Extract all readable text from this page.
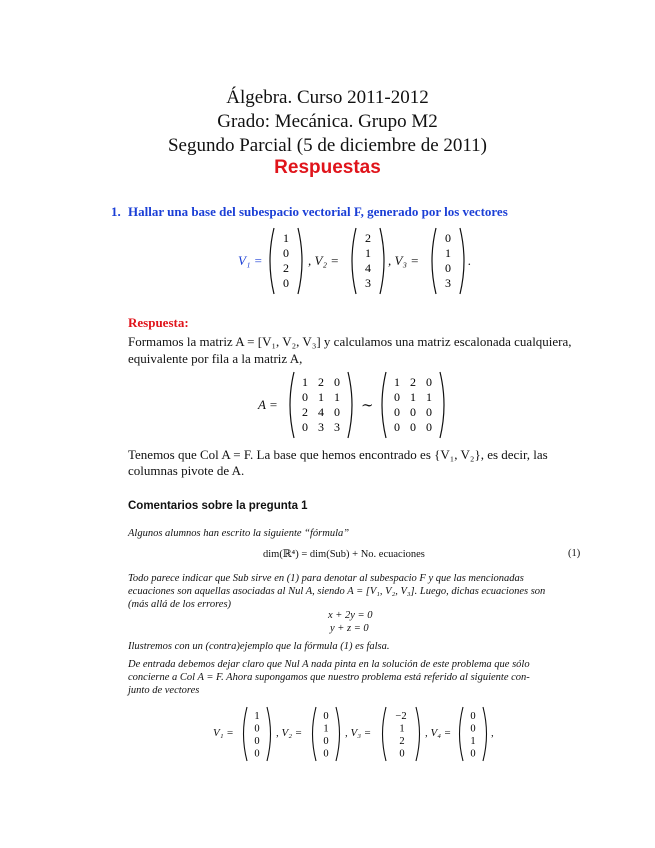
Álgebra. Curso 2011-2012
Grado: Mecánica. Grupo M2
Segundo Parcial (5 de diciembre de 2011)
Respuestas
1. Hallar una base del subespacio vectorial F, generado por los vectores
V₁ =
1
0
2
0
, V₂ =
2
1
4
3
, V₃ =
0
1
0
3
.
Respuesta:
Formamos la matriz A = [V₁, V₂, V₃] y calculamos una matriz escalonada cualquiera,
equivalente por fila a la matriz A,
A =
1 2 0
0 1 1
2 4 0
0 3 3
∼
1 2 0
0 1 1
0 0 0
0 0 0
Tenemos que Col A = F. La base que hemos encontrado es {V₁, V₂}, es decir, las
columnas pivote de A.
Comentarios sobre la pregunta 1
Algunos alumnos han escrito la siguiente “fórmula”
dim(ℝ⁴) = dim(Sub) + No. ecuaciones	(1)
Todo parece indicar que Sub sirve en (1) para denotar al subespacio F y que las mencionadas
ecuaciones son aquellas asociadas al Nul A, siendo A = [V₁, V₂, V₃]. Luego, dichas ecuaciones son
(más allá de los errores)
x + 2y = 0
y + z = 0
Ilustremos con un (contra)ejemplo que la fórmula (1) es falsa.
De entrada debemos dejar claro que Nul A nada pinta en la solución de este problema que sólo
concierne a Col A = F. Ahora supongamos que nuestro problema está referido al siguiente con-
junto de vectores
V₁ =
1
0
0
0
, V₂ =
0
1
0
0
, V₃ =
−2
1
2
0
, V₄ =
0
0
1
0
,
